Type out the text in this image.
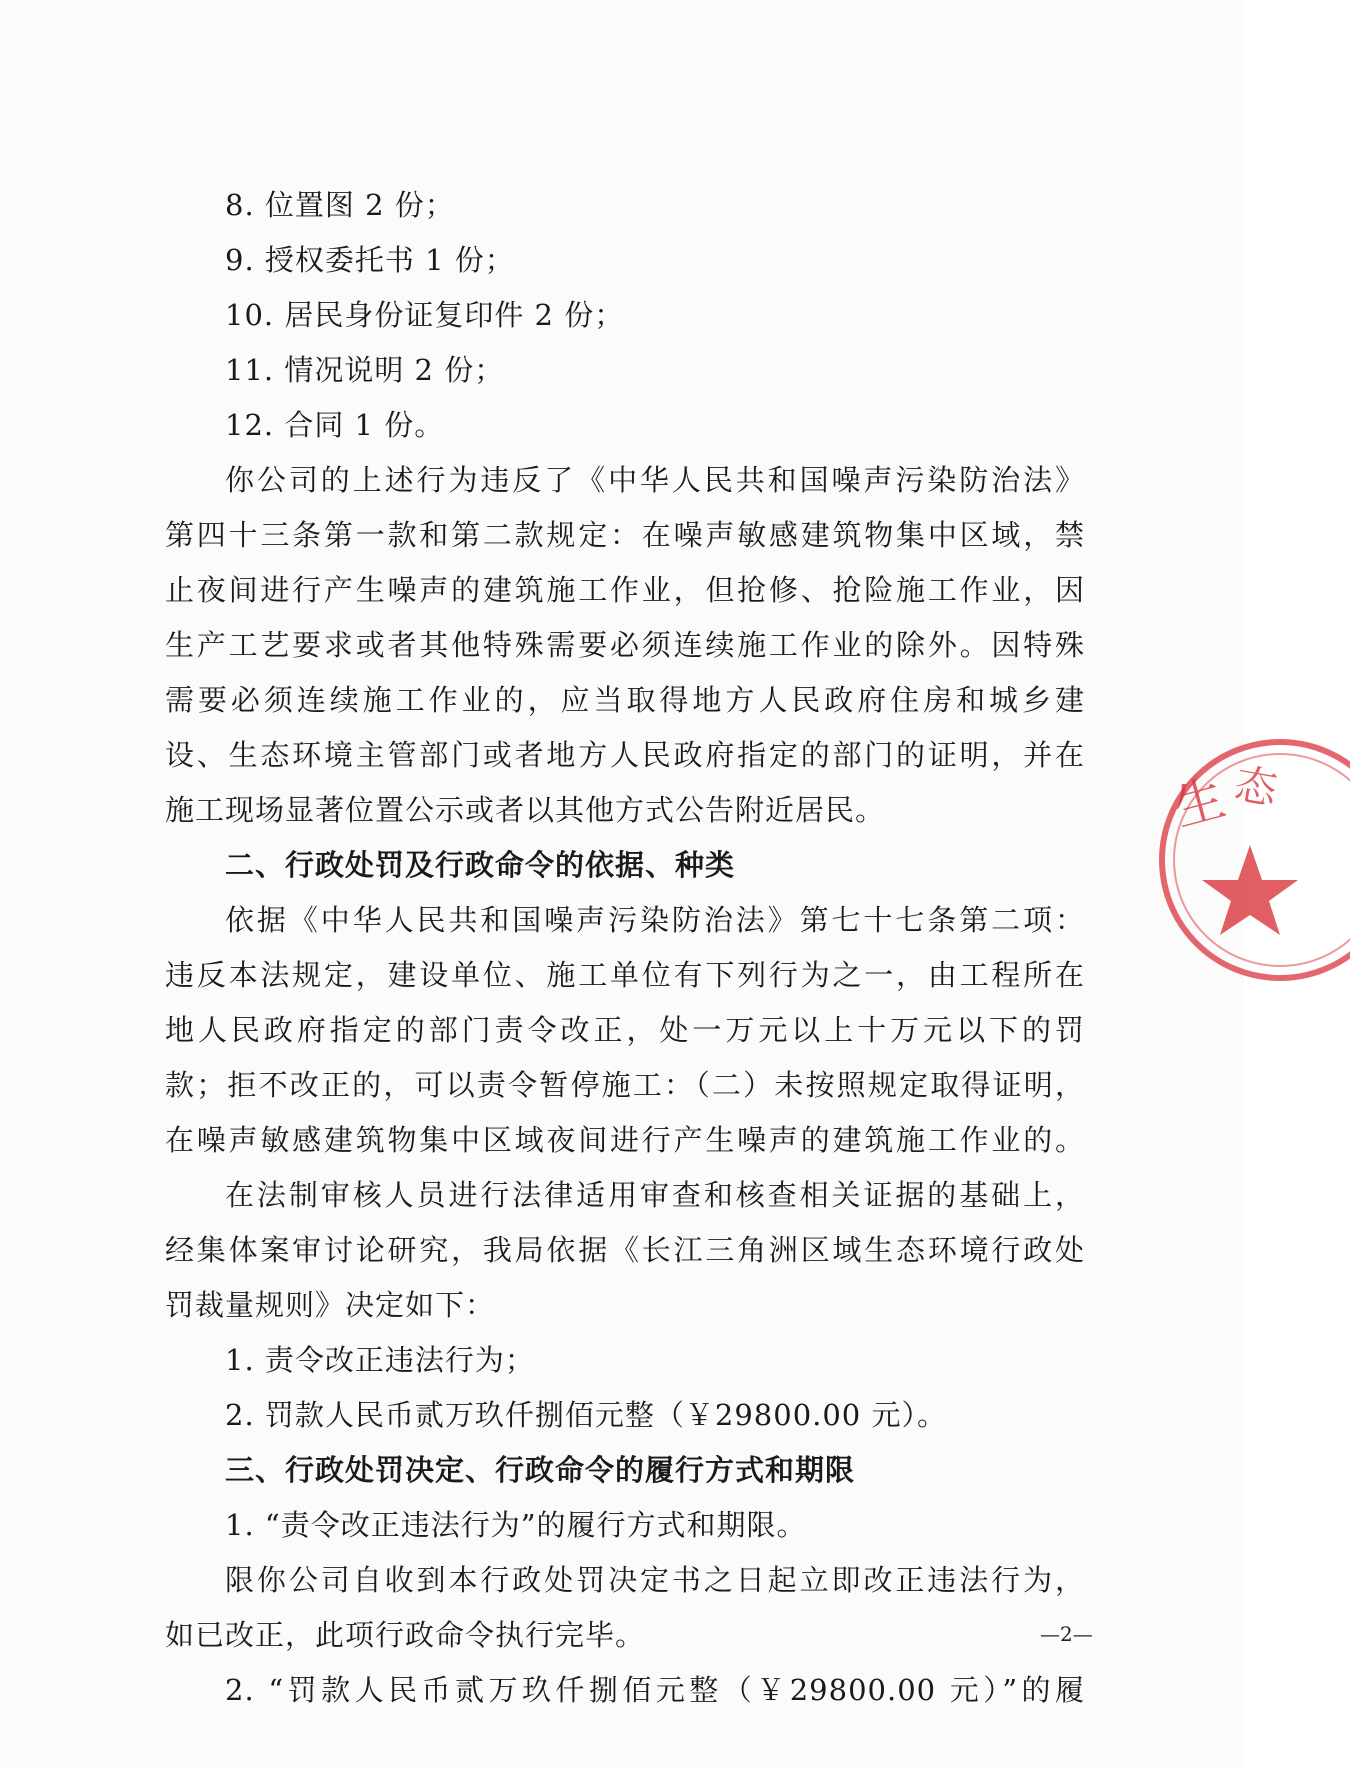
8. 位置图 2 份；
9. 授权委托书 1 份；
10. 居民身份证复印件 2 份；
11. 情况说明 2 份；
12. 合同 1 份。
你公司的上述行为违反了《中华人民共和国噪声污染防治法》
第四十三条第一款和第二款规定：在噪声敏感建筑物集中区域，禁
止夜间进行产生噪声的建筑施工作业，但抢修、抢险施工作业，因
生产工艺要求或者其他特殊需要必须连续施工作业的除外。因特殊
需要必须连续施工作业的，应当取得地方人民政府住房和城乡建
设、生态环境主管部门或者地方人民政府指定的部门的证明，并在
施工现场显著位置公示或者以其他方式公告附近居民。
二、行政处罚及行政命令的依据、种类
依据《中华人民共和国噪声污染防治法》第七十七条第二项：
违反本法规定，建设单位、施工单位有下列行为之一，由工程所在
地人民政府指定的部门责令改正，处一万元以上十万元以下的罚
款；拒不改正的，可以责令暂停施工：（二）未按照规定取得证明，
在噪声敏感建筑物集中区域夜间进行产生噪声的建筑施工作业的。
在法制审核人员进行法律适用审查和核查相关证据的基础上，
经集体案审讨论研究，我局依据《长江三角洲区域生态环境行政处
罚裁量规则》决定如下：
1. 责令改正违法行为；
2. 罚款人民币贰万玖仟捌佰元整（￥29800.00 元）。
三、行政处罚决定、行政命令的履行方式和期限
1. “责令改正违法行为”的履行方式和期限。
限你公司自收到本行政处罚决定书之日起立即改正违法行为，
如已改正，此项行政命令执行完毕。
2. “罚款人民币贰万玖仟捌佰元整（￥29800.00 元）”的履
生 态
—2—
